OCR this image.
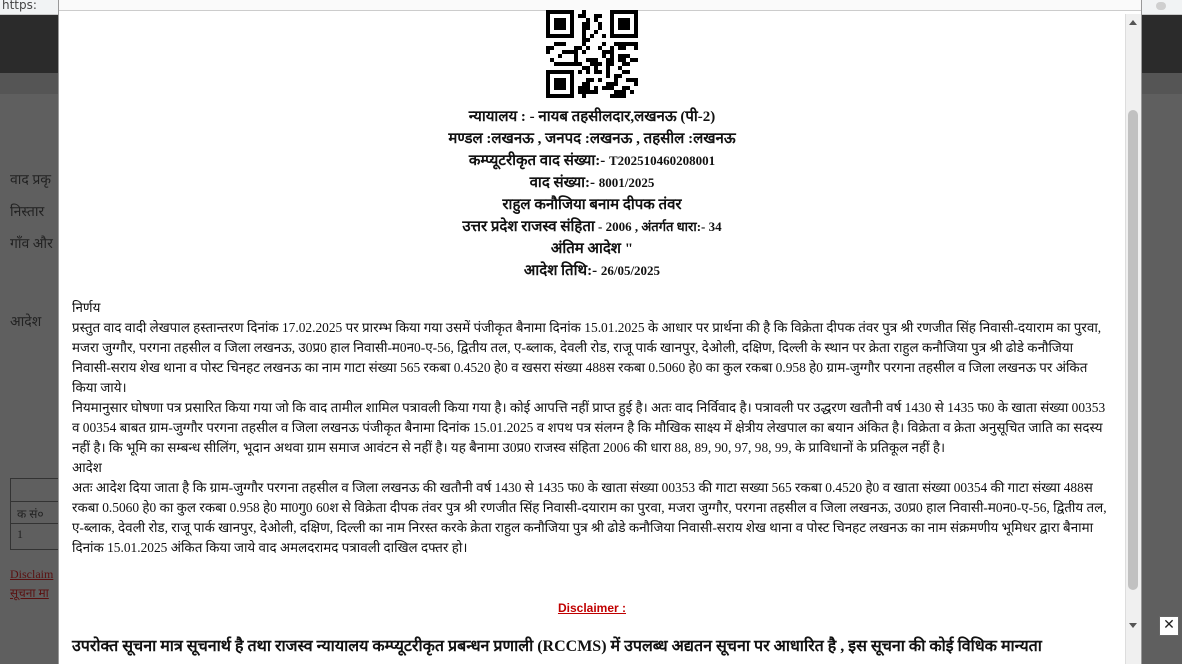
https:
वाद प्रकृ
निस्तार
गाँव और
आदेश
क सं०
1
Disclaim
सूचना मा
न्यायालय : - नायब तहसीलदार,लखनऊ (पी-2)
मण्डल :लखनऊ , जनपद :लखनऊ , तहसील :लखनऊ
कम्प्यूटरीकृत वाद संख्या:- T202510460208001
वाद संख्या:- 8001/2025
राहुल कनौजिया बनाम दीपक तंवर
उत्तर प्रदेश राजस्व संहिता - 2006 , अंतर्गत धारा:- 34
अंतिम आदेश "
आदेश तिथि:- 26/05/2025

निर्णय

प्रस्तुत वाद वादी लेखपाल हस्तान्तरण दिनांक 17.02.2025 पर प्रारम्भ किया गया उसमें पंजीकृत बैनामा दिनांक 15.01.2025 के आधार पर प्रार्थना की है कि विक्रेता दीपक तंवर पुत्र श्री रणजीत सिंह निवासी-दयाराम का पुरवा, मजरा जुग्गौर, परगना तहसील व जिला लखनऊ, उ0प्र0 हाल निवासी-म0न0-ए-56, द्वितीय तल, ए-ब्लाक, देवली रोड, राजू पार्क खानपुर, देओली, दक्षिण, दिल्ली के स्थान पर क्रेता राहुल कनौजिया पुत्र श्री ढोडे कनौजिया निवासी-सराय शेख थाना व पोस्ट चिनहट लखनऊ का नाम गाटा संख्या 565 रकबा 0.4520 हे0 व खसरा संख्या 488स रकबा 0.5060 हे0 का कुल रकबा 0.958 हे0 ग्राम-जुग्गौर परगना तहसील व जिला लखनऊ पर अंकित किया जाये।

नियमानुसार घोषणा पत्र प्रसारित किया गया जो कि वाद तामील शामिल पत्रावली किया गया है। कोई आपत्ति नहीं प्राप्त हुई है। अतः वाद निर्विवाद है। पत्रावली पर उद्धरण खतौनी वर्ष 1430 से 1435 फ0 के खाता संख्या 00353 व 00354 बाबत ग्राम-जुग्गौर परगना तहसील व जिला लखनऊ पंजीकृत बैनामा दिनांक 15.01.2025 व शपथ पत्र संलग्न है कि मौखिक साक्ष्य में क्षेत्रीय लेखपाल का बयान अंकित है। विक्रेता व क्रेता अनुसूचित जाति का सदस्य नहीं है। कि भूमि का सम्बन्ध सीलिंग, भूदान अथवा ग्राम समाज आवंटन से नहीं है। यह बैनामा उ0प्र0 राजस्व संहिता 2006 की धारा 88, 89, 90, 97, 98, 99, के प्राविधानों के प्रतिकूल नहीं है।

आदेश

अतः आदेश दिया जाता है कि ग्राम-जुग्गौर परगना तहसील व जिला लखनऊ की खतौनी वर्ष 1430 से 1435 फ0 के खाता संख्या 00353 की गाटा सख्या 565 रकबा 0.4520 हे0 व खाता संख्या 00354 की गाटा संख्या 488स रकबा 0.5060 हे0 का कुल रकबा 0.958 हे0 मा0गु0 60श से विक्रेता दीपक तंवर पुत्र श्री रणजीत सिंह निवासी-दयाराम का पुरवा, मजरा जुग्गौर, परगना तहसील व जिला लखनऊ, उ0प्र0 हाल निवासी-म0न0-ए-56, द्वितीय तल, ए-ब्लाक, देवली रोड, राजू पार्क खानपुर, देओली, दक्षिण, दिल्ली का नाम निरस्त करके क्रेता राहुल कनौजिया पुत्र श्री ढोडे कनौजिया निवासी-सराय शेख थाना व पोस्ट चिनहट लखनऊ का नाम संक्रमणीय भूमिधर द्वारा बैनामा दिनांक 15.01.2025 अंकित किया जाये वाद अमलदरामद पत्रावली दाखिल दफ्तर हो।

Disclaimer :
उपरोक्त सूचना मात्र सूचनार्थ है तथा राजस्व न्यायालय कम्प्यूटरीकृत प्रबन्धन प्रणाली (RCCMS) में उपलब्ध अद्यतन सूचना पर आधारित है , इस सूचना की कोई विधिक मान्यता
✕
